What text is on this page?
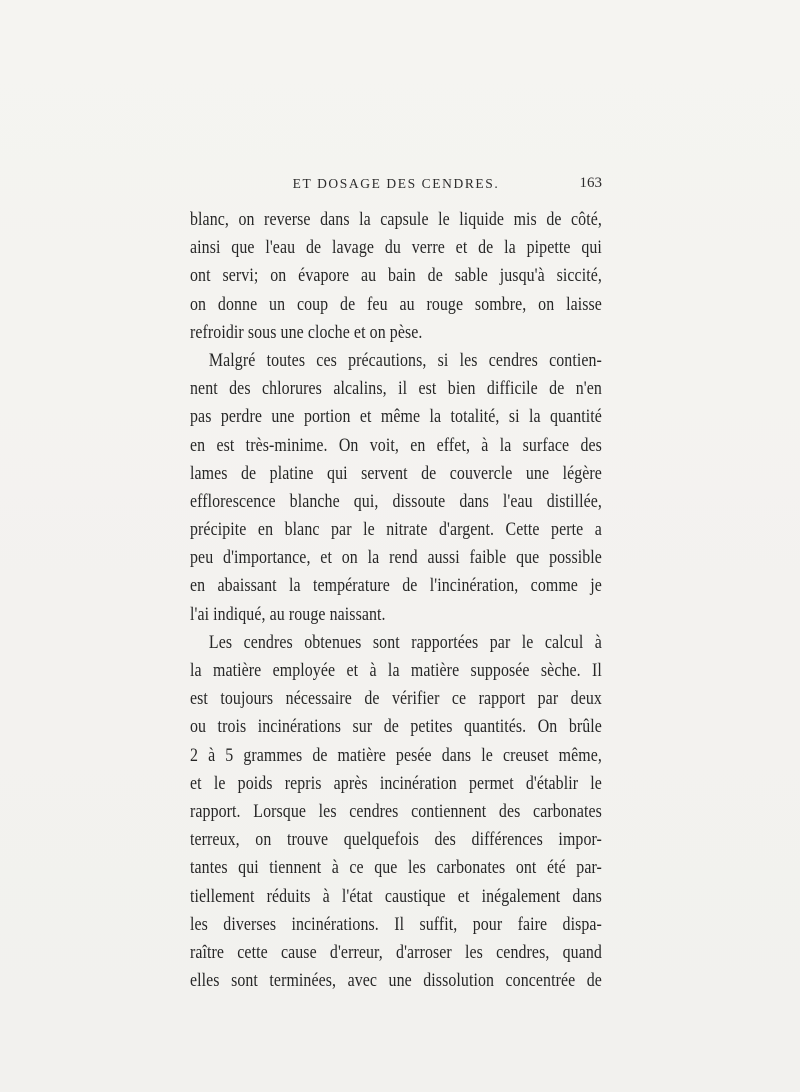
ET DOSAGE DES CENDRES.	163
blanc, on reverse dans la capsule le liquide mis de côté,
ainsi que l'eau de lavage du verre et de la pipette qui
ont servi; on évapore au bain de sable jusqu'à siccité,
on donne un coup de feu au rouge sombre, on laisse
refroidir sous une cloche et on pèse.
Malgré toutes ces précautions, si les cendres contien-
nent des chlorures alcalins, il est bien difficile de n'en
pas perdre une portion et même la totalité, si la quantité
en est très-minime. On voit, en effet, à la surface des
lames de platine qui servent de couvercle une légère
efflorescence blanche qui, dissoute dans l'eau distillée,
précipite en blanc par le nitrate d'argent. Cette perte a
peu d'importance, et on la rend aussi faible que possible
en abaissant la température de l'incinération, comme je
l'ai indiqué, au rouge naissant.
Les cendres obtenues sont rapportées par le calcul à
la matière employée et à la matière supposée sèche. Il
est toujours nécessaire de vérifier ce rapport par deux
ou trois incinérations sur de petites quantités. On brûle
2 à 5 grammes de matière pesée dans le creuset même,
et le poids repris après incinération permet d'établir le
rapport. Lorsque les cendres contiennent des carbonates
terreux, on trouve quelquefois des différences impor-
tantes qui tiennent à ce que les carbonates ont été par-
tiellement réduits à l'état caustique et inégalement dans
les diverses incinérations. Il suffit, pour faire dispa-
raître cette cause d'erreur, d'arroser les cendres, quand
elles sont terminées, avec une dissolution concentrée de
